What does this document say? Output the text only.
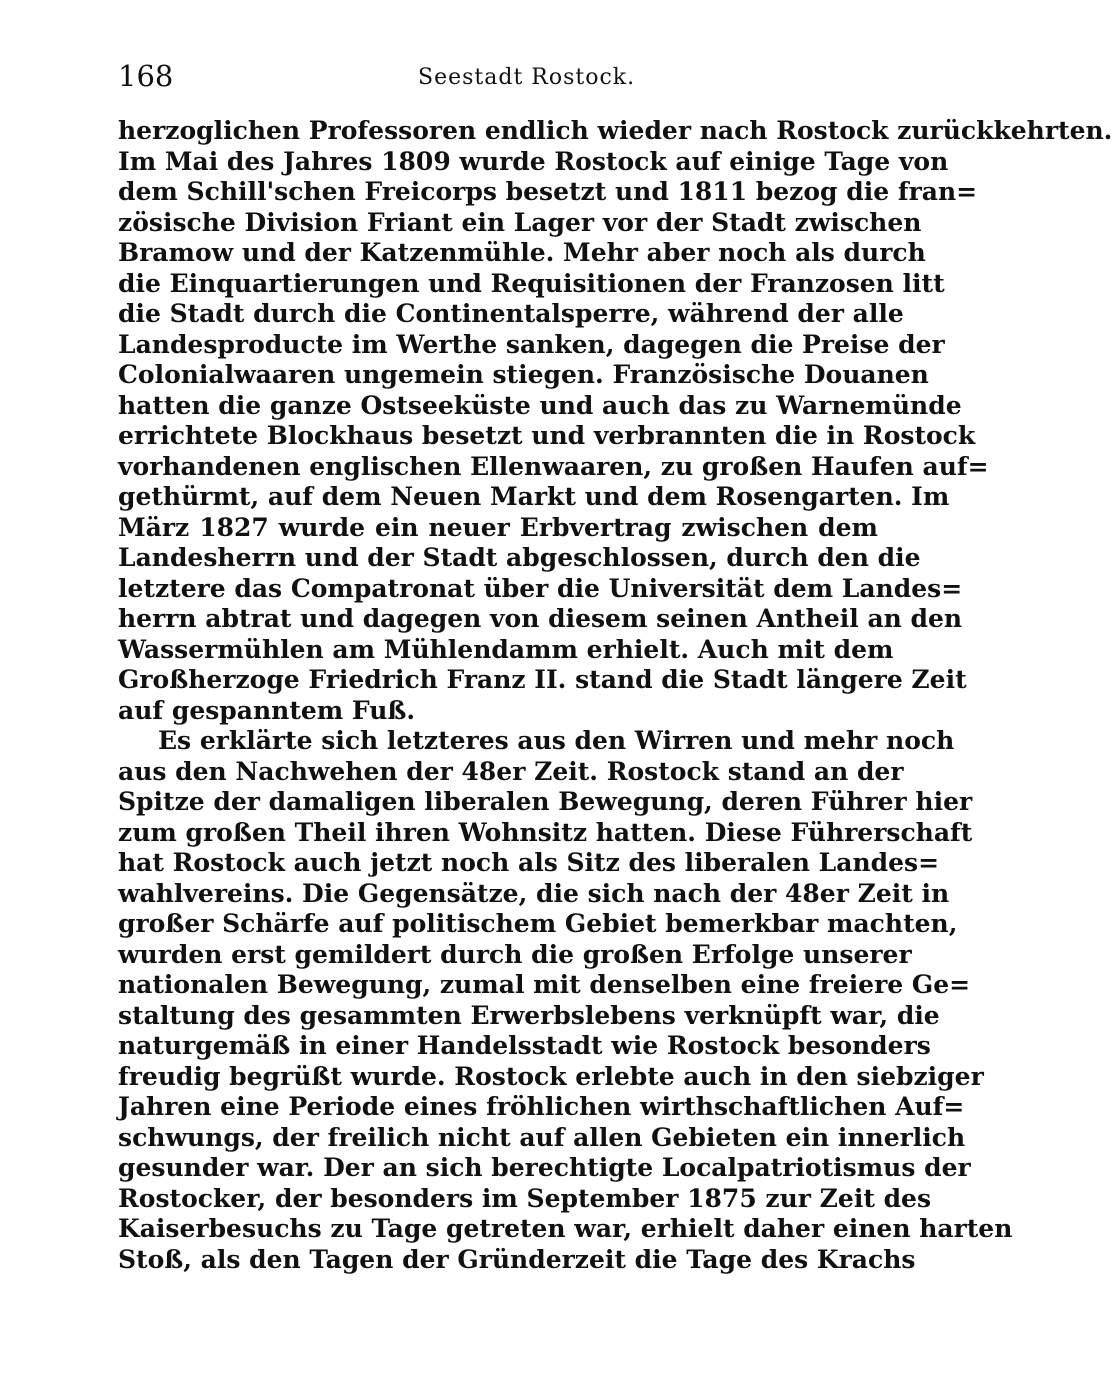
168	Seestadt Rostock.
herzoglichen Professoren endlich wieder nach Rostock zurückkehrten.
Im Mai des Jahres 1809 wurde Rostock auf einige Tage von
dem Schill'schen Freicorps besetzt und 1811 bezog die fran=
zösische Division Friant ein Lager vor der Stadt zwischen
Bramow und der Katzenmühle. Mehr aber noch als durch
die Einquartierungen und Requisitionen der Franzosen litt
die Stadt durch die Continentalsperre, während der alle
Landesproducte im Werthe sanken, dagegen die Preise der
Colonialwaaren ungemein stiegen. Französische Douanen
hatten die ganze Ostseeküste und auch das zu Warnemünde
errichtete Blockhaus besetzt und verbrannten die in Rostock
vorhandenen englischen Ellenwaaren, zu großen Haufen auf=
gethürmt, auf dem Neuen Markt und dem Rosengarten. Im
März 1827 wurde ein neuer Erbvertrag zwischen dem
Landesherrn und der Stadt abgeschlossen, durch den die
letztere das Compatronat über die Universität dem Landes=
herrn abtrat und dagegen von diesem seinen Antheil an den
Wassermühlen am Mühlendamm erhielt. Auch mit dem
Großherzoge Friedrich Franz II. stand die Stadt längere Zeit
auf gespanntem Fuß.
Es erklärte sich letzteres aus den Wirren und mehr noch
aus den Nachwehen der 48er Zeit. Rostock stand an der
Spitze der damaligen liberalen Bewegung, deren Führer hier
zum großen Theil ihren Wohnsitz hatten. Diese Führerschaft
hat Rostock auch jetzt noch als Sitz des liberalen Landes=
wahlvereins. Die Gegensätze, die sich nach der 48er Zeit in
großer Schärfe auf politischem Gebiet bemerkbar machten,
wurden erst gemildert durch die großen Erfolge unserer
nationalen Bewegung, zumal mit denselben eine freiere Ge=
staltung des gesammten Erwerbslebens verknüpft war, die
naturgemäß in einer Handelsstadt wie Rostock besonders
freudig begrüßt wurde. Rostock erlebte auch in den siebziger
Jahren eine Periode eines fröhlichen wirthschaftlichen Auf=
schwungs, der freilich nicht auf allen Gebieten ein innerlich
gesunder war. Der an sich berechtigte Localpatriotismus der
Rostocker, der besonders im September 1875 zur Zeit des
Kaiserbesuchs zu Tage getreten war, erhielt daher einen harten
Stoß, als den Tagen der Gründerzeit die Tage des Krachs
